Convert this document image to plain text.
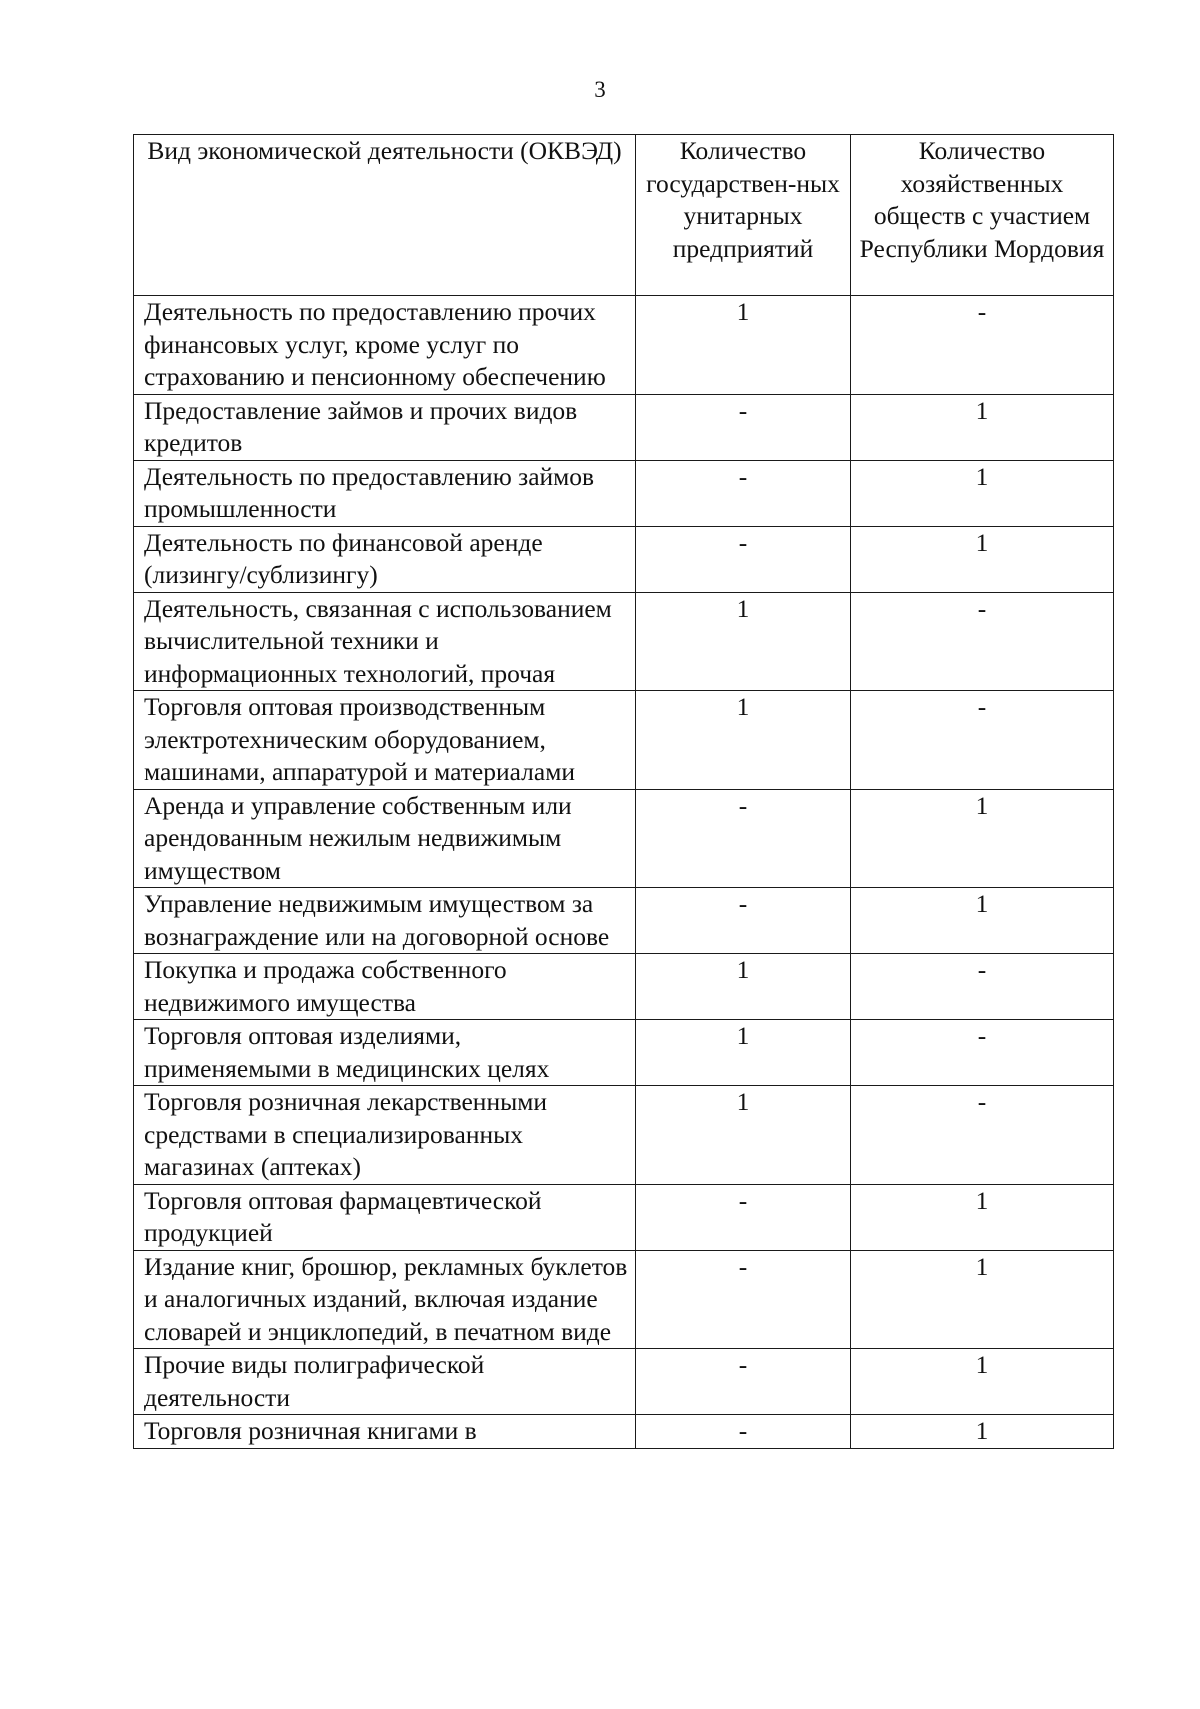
3
Вид экономической деятельности (ОКВЭД)	Количество государствен-ных унитарных предприятий	Количество хозяйственных обществ с участием Республики Мордовия
Деятельность по предоставлению прочих финансовых услуг, кроме услуг по страхованию и пенсионному обеспечению	1	-
Предоставление займов и прочих видов кредитов	-	1
Деятельность по предоставлению займов промышленности	-	1
Деятельность по финансовой аренде (лизингу/сублизингу)	-	1
Деятельность, связанная с использованием вычислительной техники и информационных технологий, прочая	1	-
Торговля оптовая производственным электротехническим оборудованием, машинами, аппаратурой и материалами	1	-
Аренда и управление собственным или арендованным нежилым недвижимым имуществом	-	1
Управление недвижимым имуществом за вознаграждение или на договорной основе	-	1
Покупка и продажа собственного недвижимого имущества	1	-
Торговля оптовая изделиями, применяемыми в медицинских целях	1	-
Торговля розничная лекарственными средствами в специализированных магазинах (аптеках)	1	-
Торговля оптовая фармацевтической продукцией	-	1
Издание книг, брошюр, рекламных буклетов и аналогичных изданий, включая издание словарей и энциклопедий, в печатном виде	-	1
Прочие виды полиграфической деятельности	-	1
Торговля розничная книгами в	-	1
